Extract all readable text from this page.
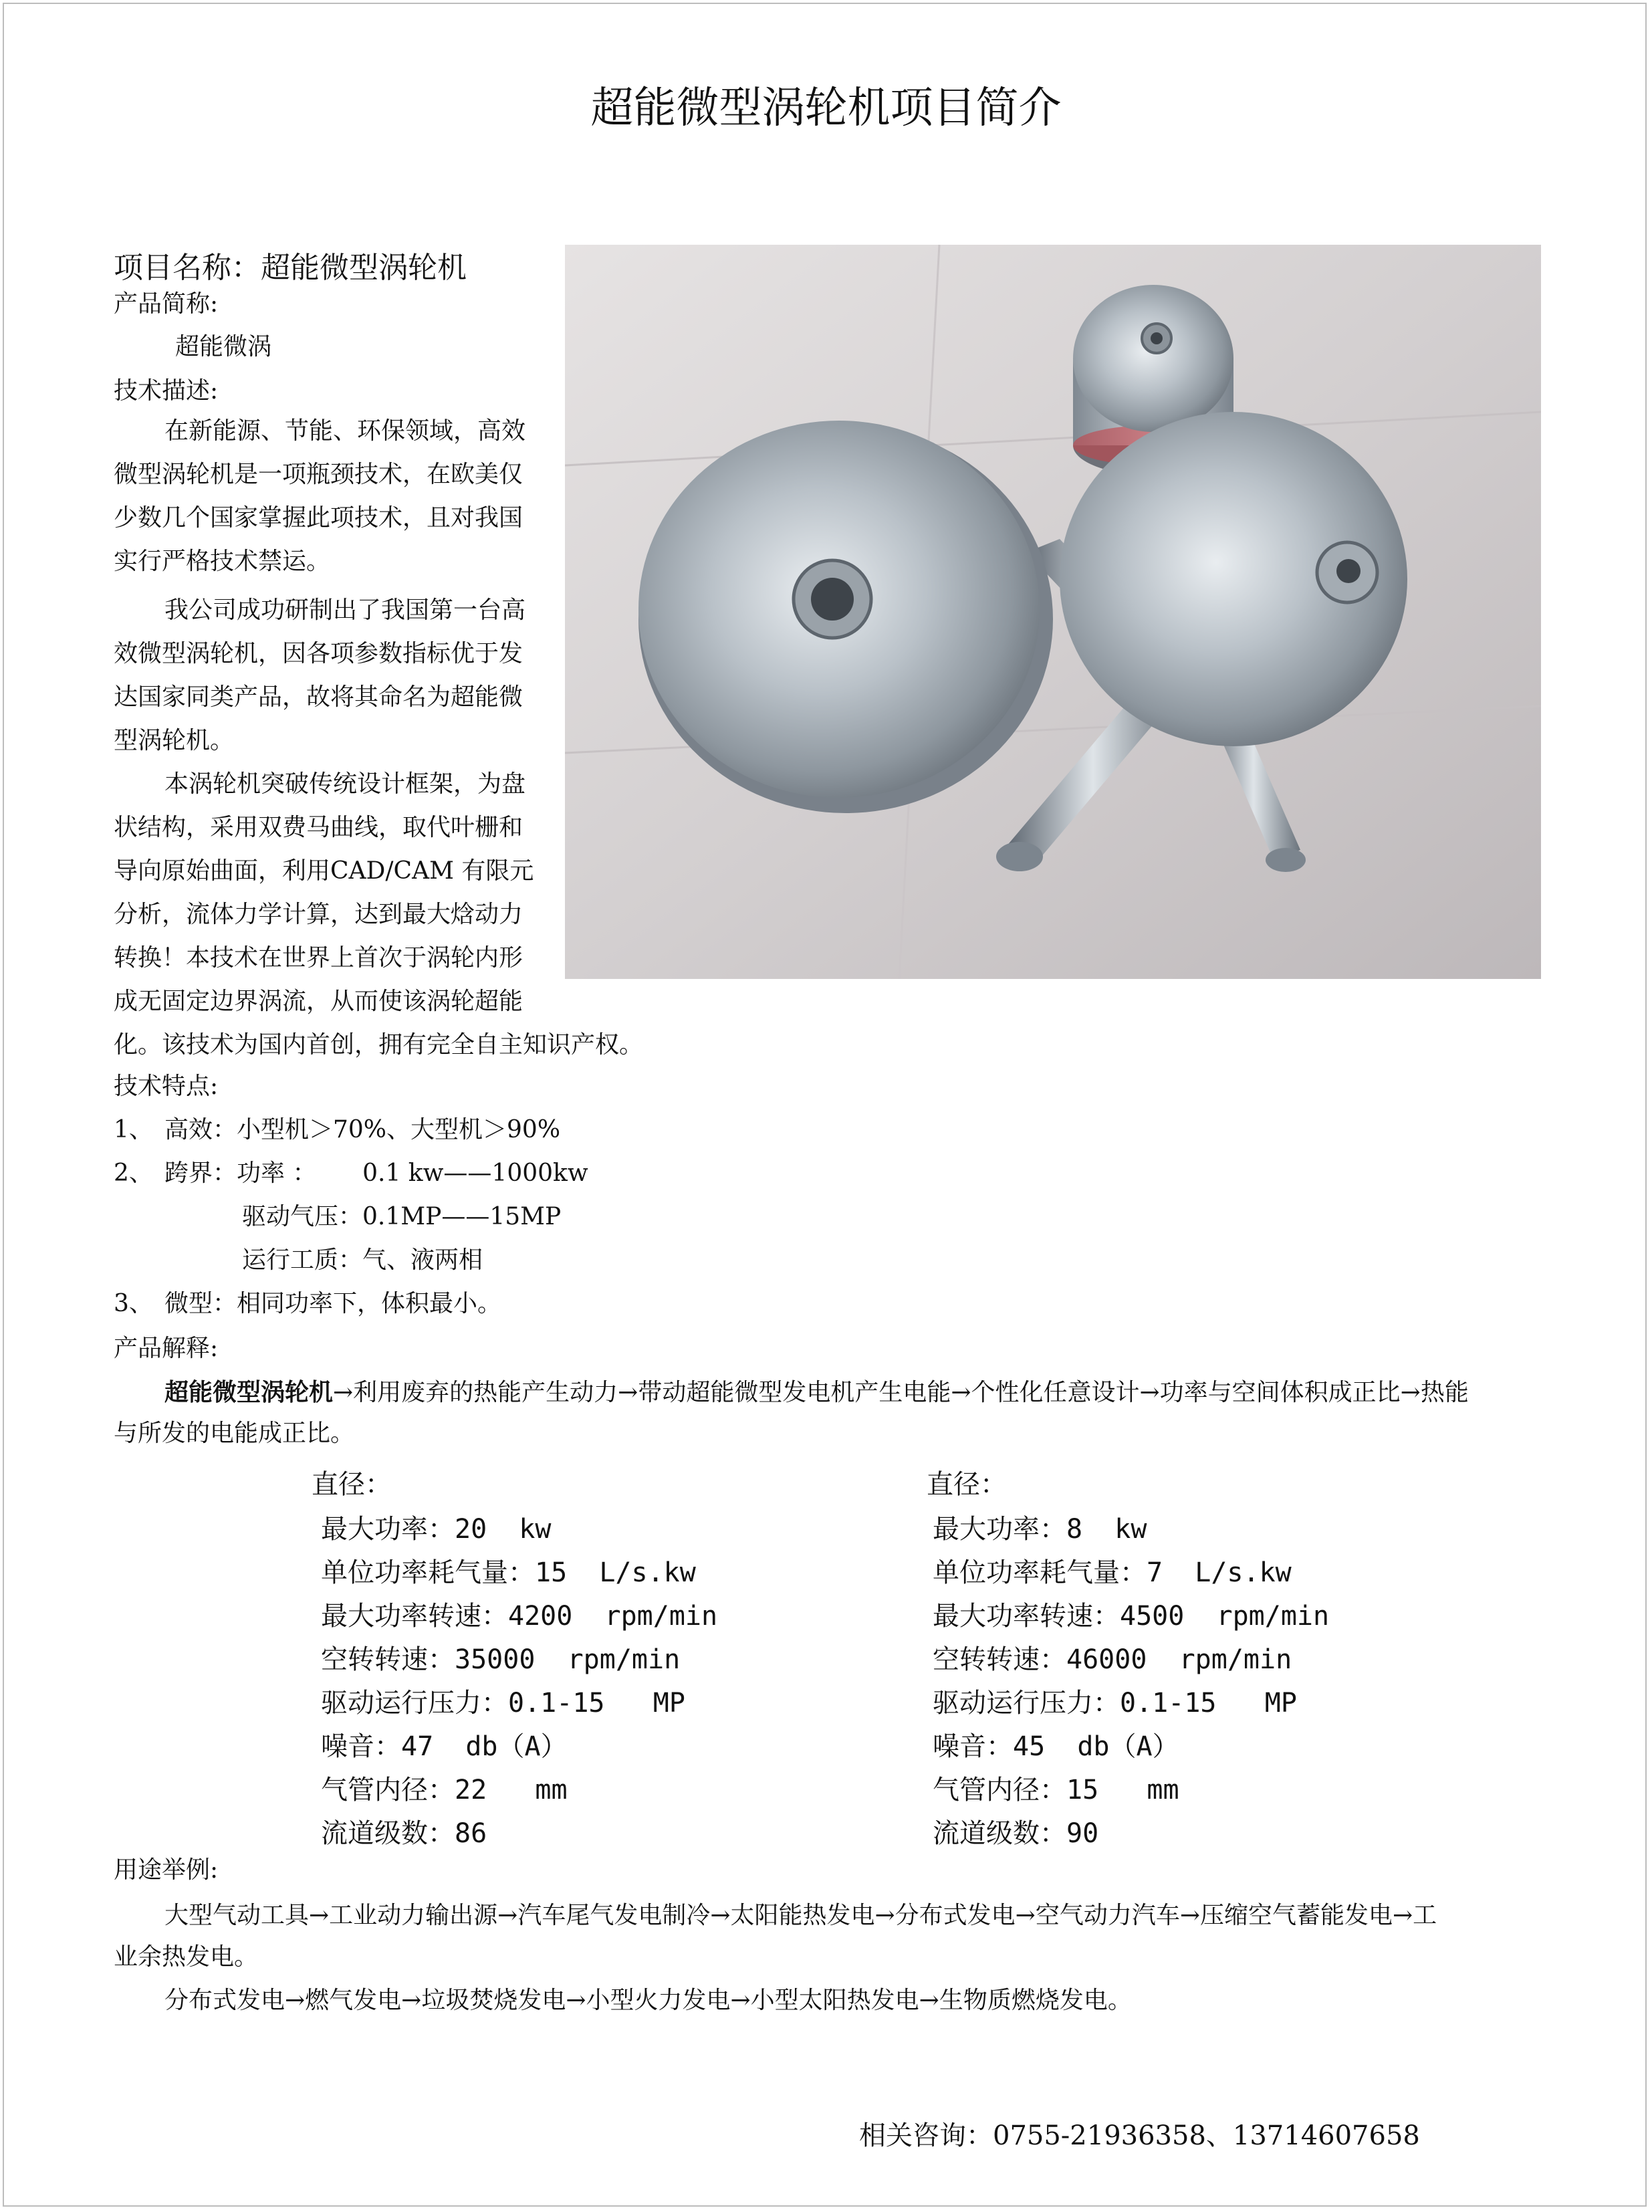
超能微型涡轮机项目简介
项目名称：超能微型涡轮机
产品简称:
超能微涡
技术描述:
在新能源、节能、环保领域，高效
微型涡轮机是一项瓶颈技术，在欧美仅
少数几个国家掌握此项技术，且对我国
实行严格技术禁运。
我公司成功研制出了我国第一台高
效微型涡轮机，因各项参数指标优于发
达国家同类产品，故将其命名为超能微
型涡轮机。
本涡轮机突破传统设计框架，为盘
状结构，采用双费马曲线，取代叶栅和
导向原始曲面，利用CAD/CAM 有限元
分析，流体力学计算，达到最大焓动力
转换！本技术在世界上首次于涡轮内形
成无固定边界涡流，从而使该涡轮超能
化。该技术为国内首创，拥有完全自主知识产权。
技术特点:
1、 高效：小型机＞70%、大型机＞90%
2、 跨界：功率 ：      0.1 kw——1000kw
驱动气压：0.1MP——15MP
运行工质：气、液两相
3、 微型：相同功率下，体积最小。
产品解释:
超能微型涡轮机→利用废弃的热能产生动力→带动超能微型发电机产生电能→个性化任意设计→功率与空间体积成正比→热能
与所发的电能成正比。
直径：
最大功率：20  kw
单位功率耗气量：15  L/s.kw
最大功率转速：4200  rpm/min
空转转速：35000  rpm/min
驱动运行压力：0.1-15   MP
噪音：47  db（A）
气管内径：22   mm
流道级数：86
直径：
最大功率：8  kw
单位功率耗气量：7  L/s.kw
最大功率转速：4500  rpm/min
空转转速：46000  rpm/min
驱动运行压力：0.1-15   MP
噪音：45  db（A）
气管内径：15   mm
流道级数：90
用途举例:
大型气动工具→工业动力输出源→汽车尾气发电制冷→太阳能热发电→分布式发电→空气动力汽车→压缩空气蓄能发电→工
业余热发电。
分布式发电→燃气发电→垃圾焚烧发电→小型火力发电→小型太阳热发电→生物质燃烧发电。
相关咨询：0755-21936358、13714607658
